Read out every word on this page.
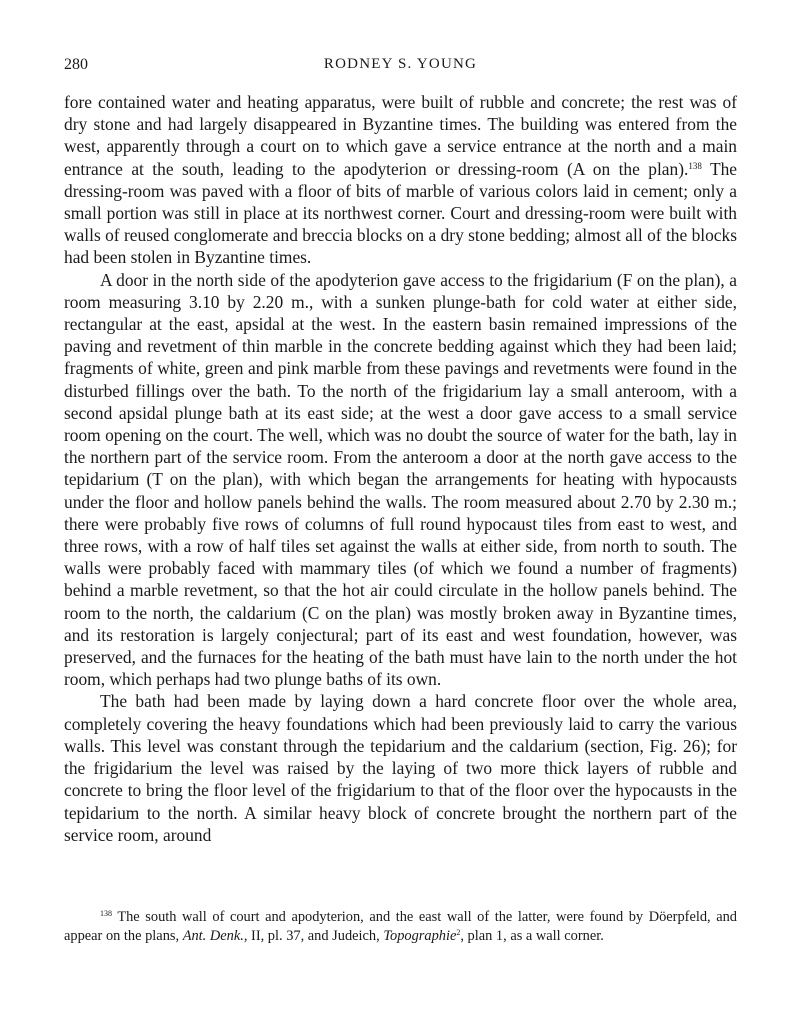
280	RODNEY S. YOUNG

fore contained water and heating apparatus, were built of rubble and concrete; the rest was of dry stone and had largely disappeared in Byzantine times. The building was entered from the west, apparently through a court on to which gave a service entrance at the north and a main entrance at the south, leading to the apodyterion or dressing-room (A on the plan).$^{138}$ The dressing-room was paved with a floor of bits of marble of various colors laid in cement; only a small portion was still in place at its northwest corner. Court and dressing-room were built with walls of reused conglomerate and breccia blocks on a dry stone bedding; almost all of the blocks had been stolen in Byzantine times.

A door in the north side of the apodyterion gave access to the frigidarium (F on the plan), a room measuring 3.10 by 2.20 m., with a sunken plunge-bath for cold water at either side, rectangular at the east, apsidal at the west. In the eastern basin remained impressions of the paving and revetment of thin marble in the concrete bedding against which they had been laid; fragments of white, green and pink marble from these pavings and revetments were found in the disturbed fillings over the bath. To the north of the frigidarium lay a small anteroom, with a second apsidal plunge bath at its east side; at the west a door gave access to a small service room opening on the court. The well, which was no doubt the source of water for the bath, lay in the northern part of the service room. From the anteroom a door at the north gave access to the tepidarium (T on the plan), with which began the arrangements for heating with hypocausts under the floor and hollow panels behind the walls. The room measured about 2.70 by 2.30 m.; there were probably five rows of columns of full round hypocaust tiles from east to west, and three rows, with a row of half tiles set against the walls at either side, from north to south. The walls were probably faced with mammary tiles (of which we found a number of fragments) behind a marble revetment, so that the hot air could circulate in the hollow panels behind. The room to the north, the caldarium (C on the plan) was mostly broken away in Byzantine times, and its restoration is largely conjectural; part of its east and west foundation, however, was preserved, and the furnaces for the heating of the bath must have lain to the north under the hot room, which perhaps had two plunge baths of its own.

The bath had been made by laying down a hard concrete floor over the whole area, completely covering the heavy foundations which had been previously laid to carry the various walls. This level was constant through the tepidarium and the caldarium (section, Fig. 26); for the frigidarium the level was raised by the laying of two more thick layers of rubble and concrete to bring the floor level of the frigidarium to that of the floor over the hypocausts in the tepidarium to the north. A similar heavy block of concrete brought the northern part of the service room, around

$^{138}$ The south wall of court and apodyterion, and the east wall of the latter, were found by Döerpfeld, and appear on the plans, Ant. Denk., II, pl. 37, and Judeich, Topographie$^2$, plan 1, as a wall corner.
